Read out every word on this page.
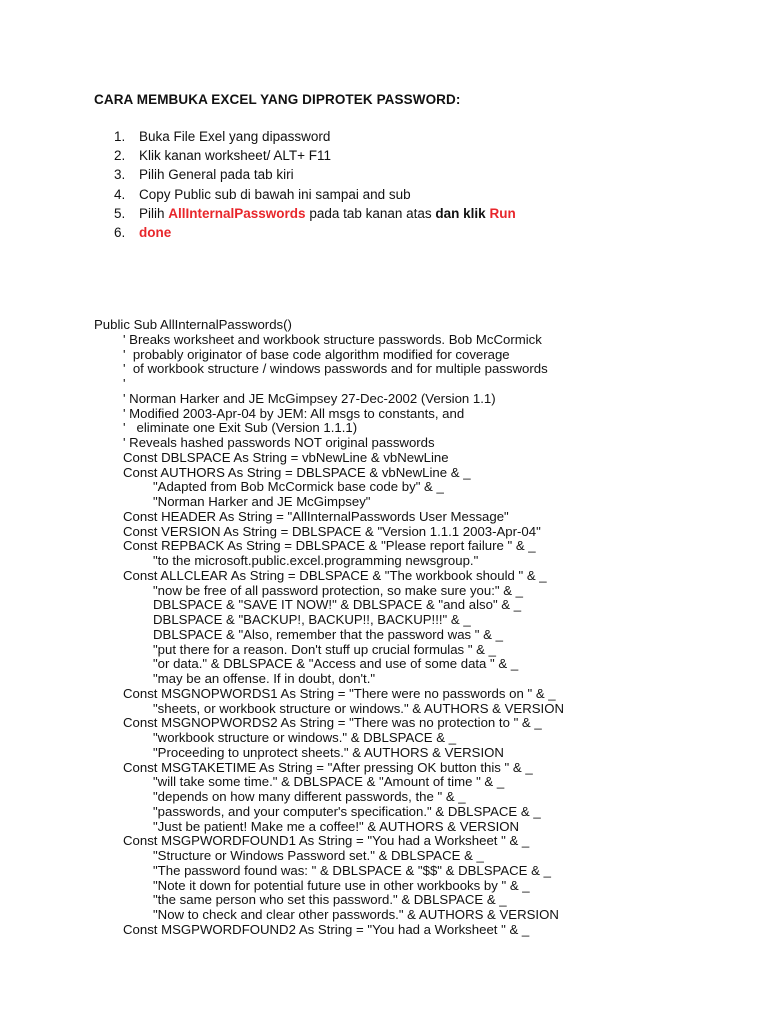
CARA MEMBUKA EXCEL YANG DIPROTEK PASSWORD:
1. Buka File Exel yang dipassword
2. Klik kanan worksheet/ ALT+ F11
3. Pilih General pada tab kiri
4. Copy Public sub di bawah ini sampai and sub
5. Pilih AllInternalPasswords pada tab kanan atas dan klik Run
6. done
Public Sub AllInternalPasswords()
' Breaks worksheet and workbook structure passwords. Bob McCormick
'  probably originator of base code algorithm modified for coverage
'  of workbook structure / windows passwords and for multiple passwords
'
' Norman Harker and JE McGimpsey 27-Dec-2002 (Version 1.1)
' Modified 2003-Apr-04 by JEM: All msgs to constants, and
'   eliminate one Exit Sub (Version 1.1.1)
' Reveals hashed passwords NOT original passwords
Const DBLSPACE As String = vbNewLine & vbNewLine
Const AUTHORS As String = DBLSPACE & vbNewLine & _
"Adapted from Bob McCormick base code by" & _
"Norman Harker and JE McGimpsey"
Const HEADER As String = "AllInternalPasswords User Message"
Const VERSION As String = DBLSPACE & "Version 1.1.1 2003-Apr-04"
Const REPBACK As String = DBLSPACE & "Please report failure " & _
"to the microsoft.public.excel.programming newsgroup."
Const ALLCLEAR As String = DBLSPACE & "The workbook should " & _
"now be free of all password protection, so make sure you:" & _
DBLSPACE & "SAVE IT NOW!" & DBLSPACE & "and also" & _
DBLSPACE & "BACKUP!, BACKUP!!, BACKUP!!!" & _
DBLSPACE & "Also, remember that the password was " & _
"put there for a reason. Don't stuff up crucial formulas " & _
"or data." & DBLSPACE & "Access and use of some data " & _
"may be an offense. If in doubt, don't."
Const MSGNOPWORDS1 As String = "There were no passwords on " & _
"sheets, or workbook structure or windows." & AUTHORS & VERSION
Const MSGNOPWORDS2 As String = "There was no protection to " & _
"workbook structure or windows." & DBLSPACE & _
"Proceeding to unprotect sheets." & AUTHORS & VERSION
Const MSGTAKETIME As String = "After pressing OK button this " & _
"will take some time." & DBLSPACE & "Amount of time " & _
"depends on how many different passwords, the " & _
"passwords, and your computer's specification." & DBLSPACE & _
"Just be patient! Make me a coffee!" & AUTHORS & VERSION
Const MSGPWORDFOUND1 As String = "You had a Worksheet " & _
"Structure or Windows Password set." & DBLSPACE & _
"The password found was: " & DBLSPACE & "$$" & DBLSPACE & _
"Note it down for potential future use in other workbooks by " & _
"the same person who set this password." & DBLSPACE & _
"Now to check and clear other passwords." & AUTHORS & VERSION
Const MSGPWORDFOUND2 As String = "You had a Worksheet " & _
